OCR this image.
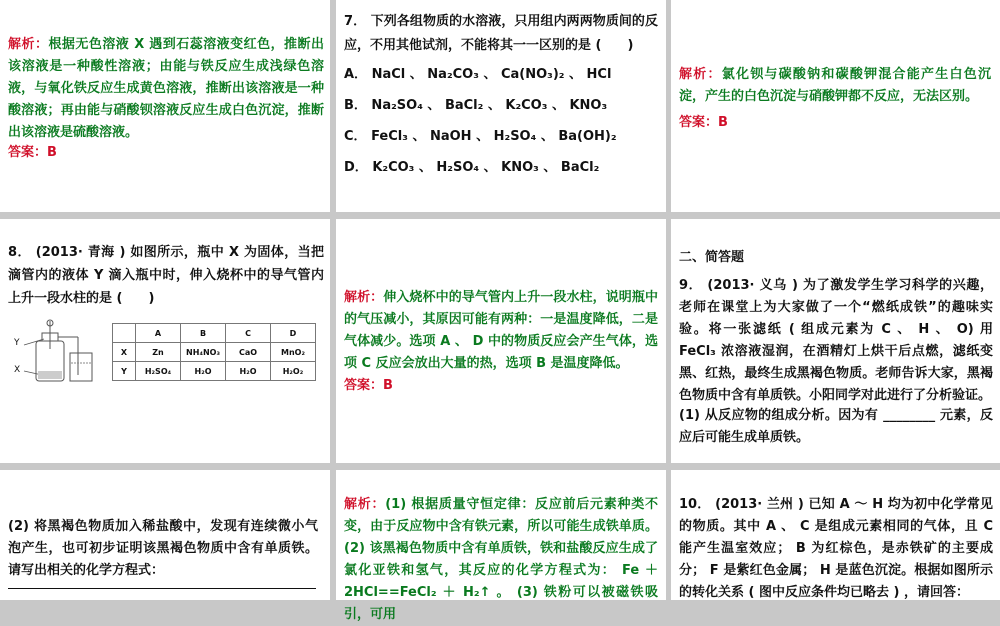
解析：根据无色溶液 X 遇到石蕊溶液变红色，推断出该溶液是一种酸性溶液；由能与铁反应生成浅绿色溶液，与氧化铁反应生成黄色溶液，推断出该溶液是一种酸溶液；再由能与硝酸钡溶液反应生成白色沉淀，推断出该溶液是硫酸溶液。
答案：B
7． 下列各组物质的水溶液，只用组内两两物质间的反应，不用其他试剂，不能将其一一区别的是 (　　)
A． NaCl 、 Na₂CO₃ 、 Ca(NO₃)₂ 、 HCl
B． Na₂SO₄ 、 BaCl₂ 、 K₂CO₃ 、 KNO₃
C． FeCl₃ 、 NaOH 、 H₂SO₄ 、 Ba(OH)₂
D． K₂CO₃ 、 H₂SO₄ 、 KNO₃ 、 BaCl₂
解析：氯化钡与碳酸钠和碳酸钾混合能产生白色沉淀，产生的白色沉淀与硝酸钾都不反应，无法区别。
答案：B
8． (2013· 青海 ) 如图所示，瓶中 X 为固体，当把滴管内的液体 Y 滴入瓶中时，伸入烧杯中的导气管内上升一段水柱的是 (　　)
Y
X
	A	B	C	D
X	Zn	NH₄NO₃	CaO	MnO₂
Y	H₂SO₄	H₂O	H₂O	H₂O₂
解析：伸入烧杯中的导气管内上升一段水柱，说明瓶中的气压减小，其原因可能有两种：一是温度降低，二是气体减少。选项 A 、 D 中的物质反应会产生气体，选项 C 反应会放出大量的热，选项 B 是温度降低。
答案：B
二、简答题
9． (2013· 义乌 ) 为了激发学生学习科学的兴趣，老师在课堂上为大家做了一个“燃纸成铁”的趣味实验。将一张滤纸 ( 组成元素为 C 、 H 、 O) 用 FeCl₃ 浓溶液湿润，在酒精灯上烘干后点燃，滤纸变黑、红热，最终生成黑褐色物质。老师告诉大家，黑褐色物质中含有单质铁。小阳同学对此进行了分析验证。
(1) 从反应物的组成分析。因为有 ________ 元素，反应后可能生成单质铁。
(2) 将黑褐色物质加入稀盐酸中，发现有连续微小气泡产生，也可初步证明该黑褐色物质中含有单质铁。请写出相关的化学方程式：
解析：(1) 根据质量守恒定律：反应前后元素种类不变，由于反应物中含有铁元素，所以可能生成铁单质。 (2) 该黑褐色物质中含有单质铁，铁和盐酸反应生成了氯化亚铁和氢气，其反应的化学方程式为： Fe ＋ 2HCl==FeCl₂ ＋ H₂↑ 。 (3) 铁粉可以被磁铁吸引，可用
10． (2013· 兰州 ) 已知 A ～ H 均为初中化学常见的物质。其中 A 、 C 是组成元素相同的气体，且 C 能产生温室效应； B 为红棕色，是赤铁矿的主要成分； F 是紫红色金属； H 是蓝色沉淀。根据如图所示的转化关系 ( 图中反应条件均已略去 ) ，请回答：
